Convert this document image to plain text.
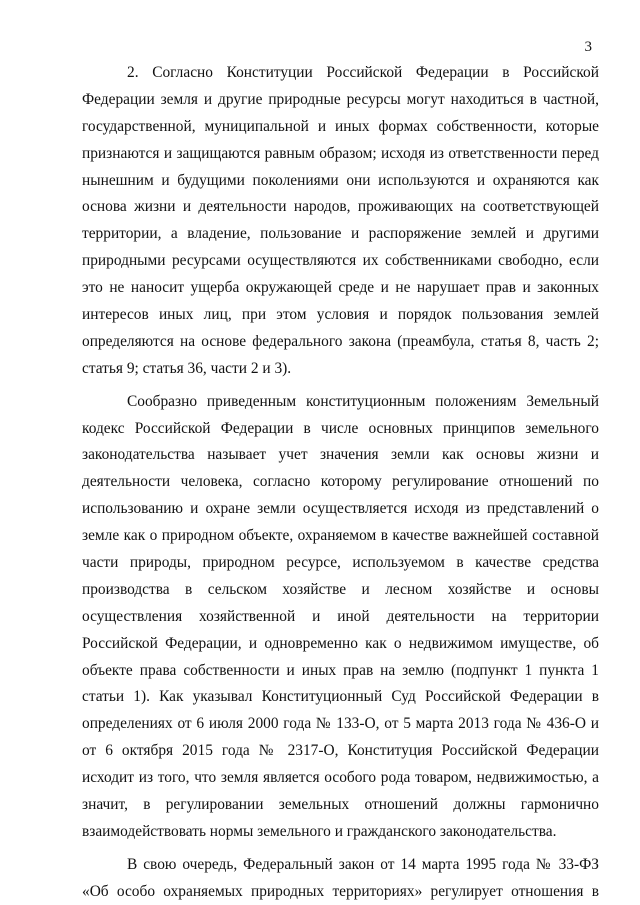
3
2. Согласно Конституции Российской Федерации в Российской
Федерации земля и другие природные ресурсы могут находиться в частной,
государственной, муниципальной и иных формах собственности, которые
признаются и защищаются равным образом; исходя из ответственности перед
нынешним и будущими поколениями они используются и охраняются как
основа жизни и деятельности народов, проживающих на соответствующей
территории, а владение, пользование и распоряжение землей и другими
природными ресурсами осуществляются их собственниками свободно, если
это не наносит ущерба окружающей среде и не нарушает прав и законных
интересов иных лиц, при этом условия и порядок пользования землей
определяются на основе федерального закона (преамбула, статья 8, часть 2;
статья 9; статья 36, части 2 и 3).
Сообразно приведенным конституционным положениям Земельный
кодекс Российской Федерации в числе основных принципов земельного
законодательства называет учет значения земли как основы жизни и
деятельности человека, согласно которому регулирование отношений по
использованию и охране земли осуществляется исходя из представлений о
земле как о природном объекте, охраняемом в качестве важнейшей составной
части природы, природном ресурсе, используемом в качестве средства
производства в сельском хозяйстве и лесном хозяйстве и основы
осуществления хозяйственной и иной деятельности на территории
Российской Федерации, и одновременно как о недвижимом имуществе, об
объекте права собственности и иных прав на землю (подпункт 1 пункта 1
статьи 1). Как указывал Конституционный Суд Российской Федерации в
определениях от 6 июля 2000 года № 133-О, от 5 марта 2013 года № 436-О и
от 6 октября 2015 года № 2317-О, Конституция Российской Федерации
исходит из того, что земля является особого рода товаром, недвижимостью, а
значит, в регулировании земельных отношений должны гармонично
взаимодействовать нормы земельного и гражданского законодательства.
В свою очередь, Федеральный закон от 14 марта 1995 года № 33-ФЗ
«Об особо охраняемых природных территориях» регулирует отношения в
